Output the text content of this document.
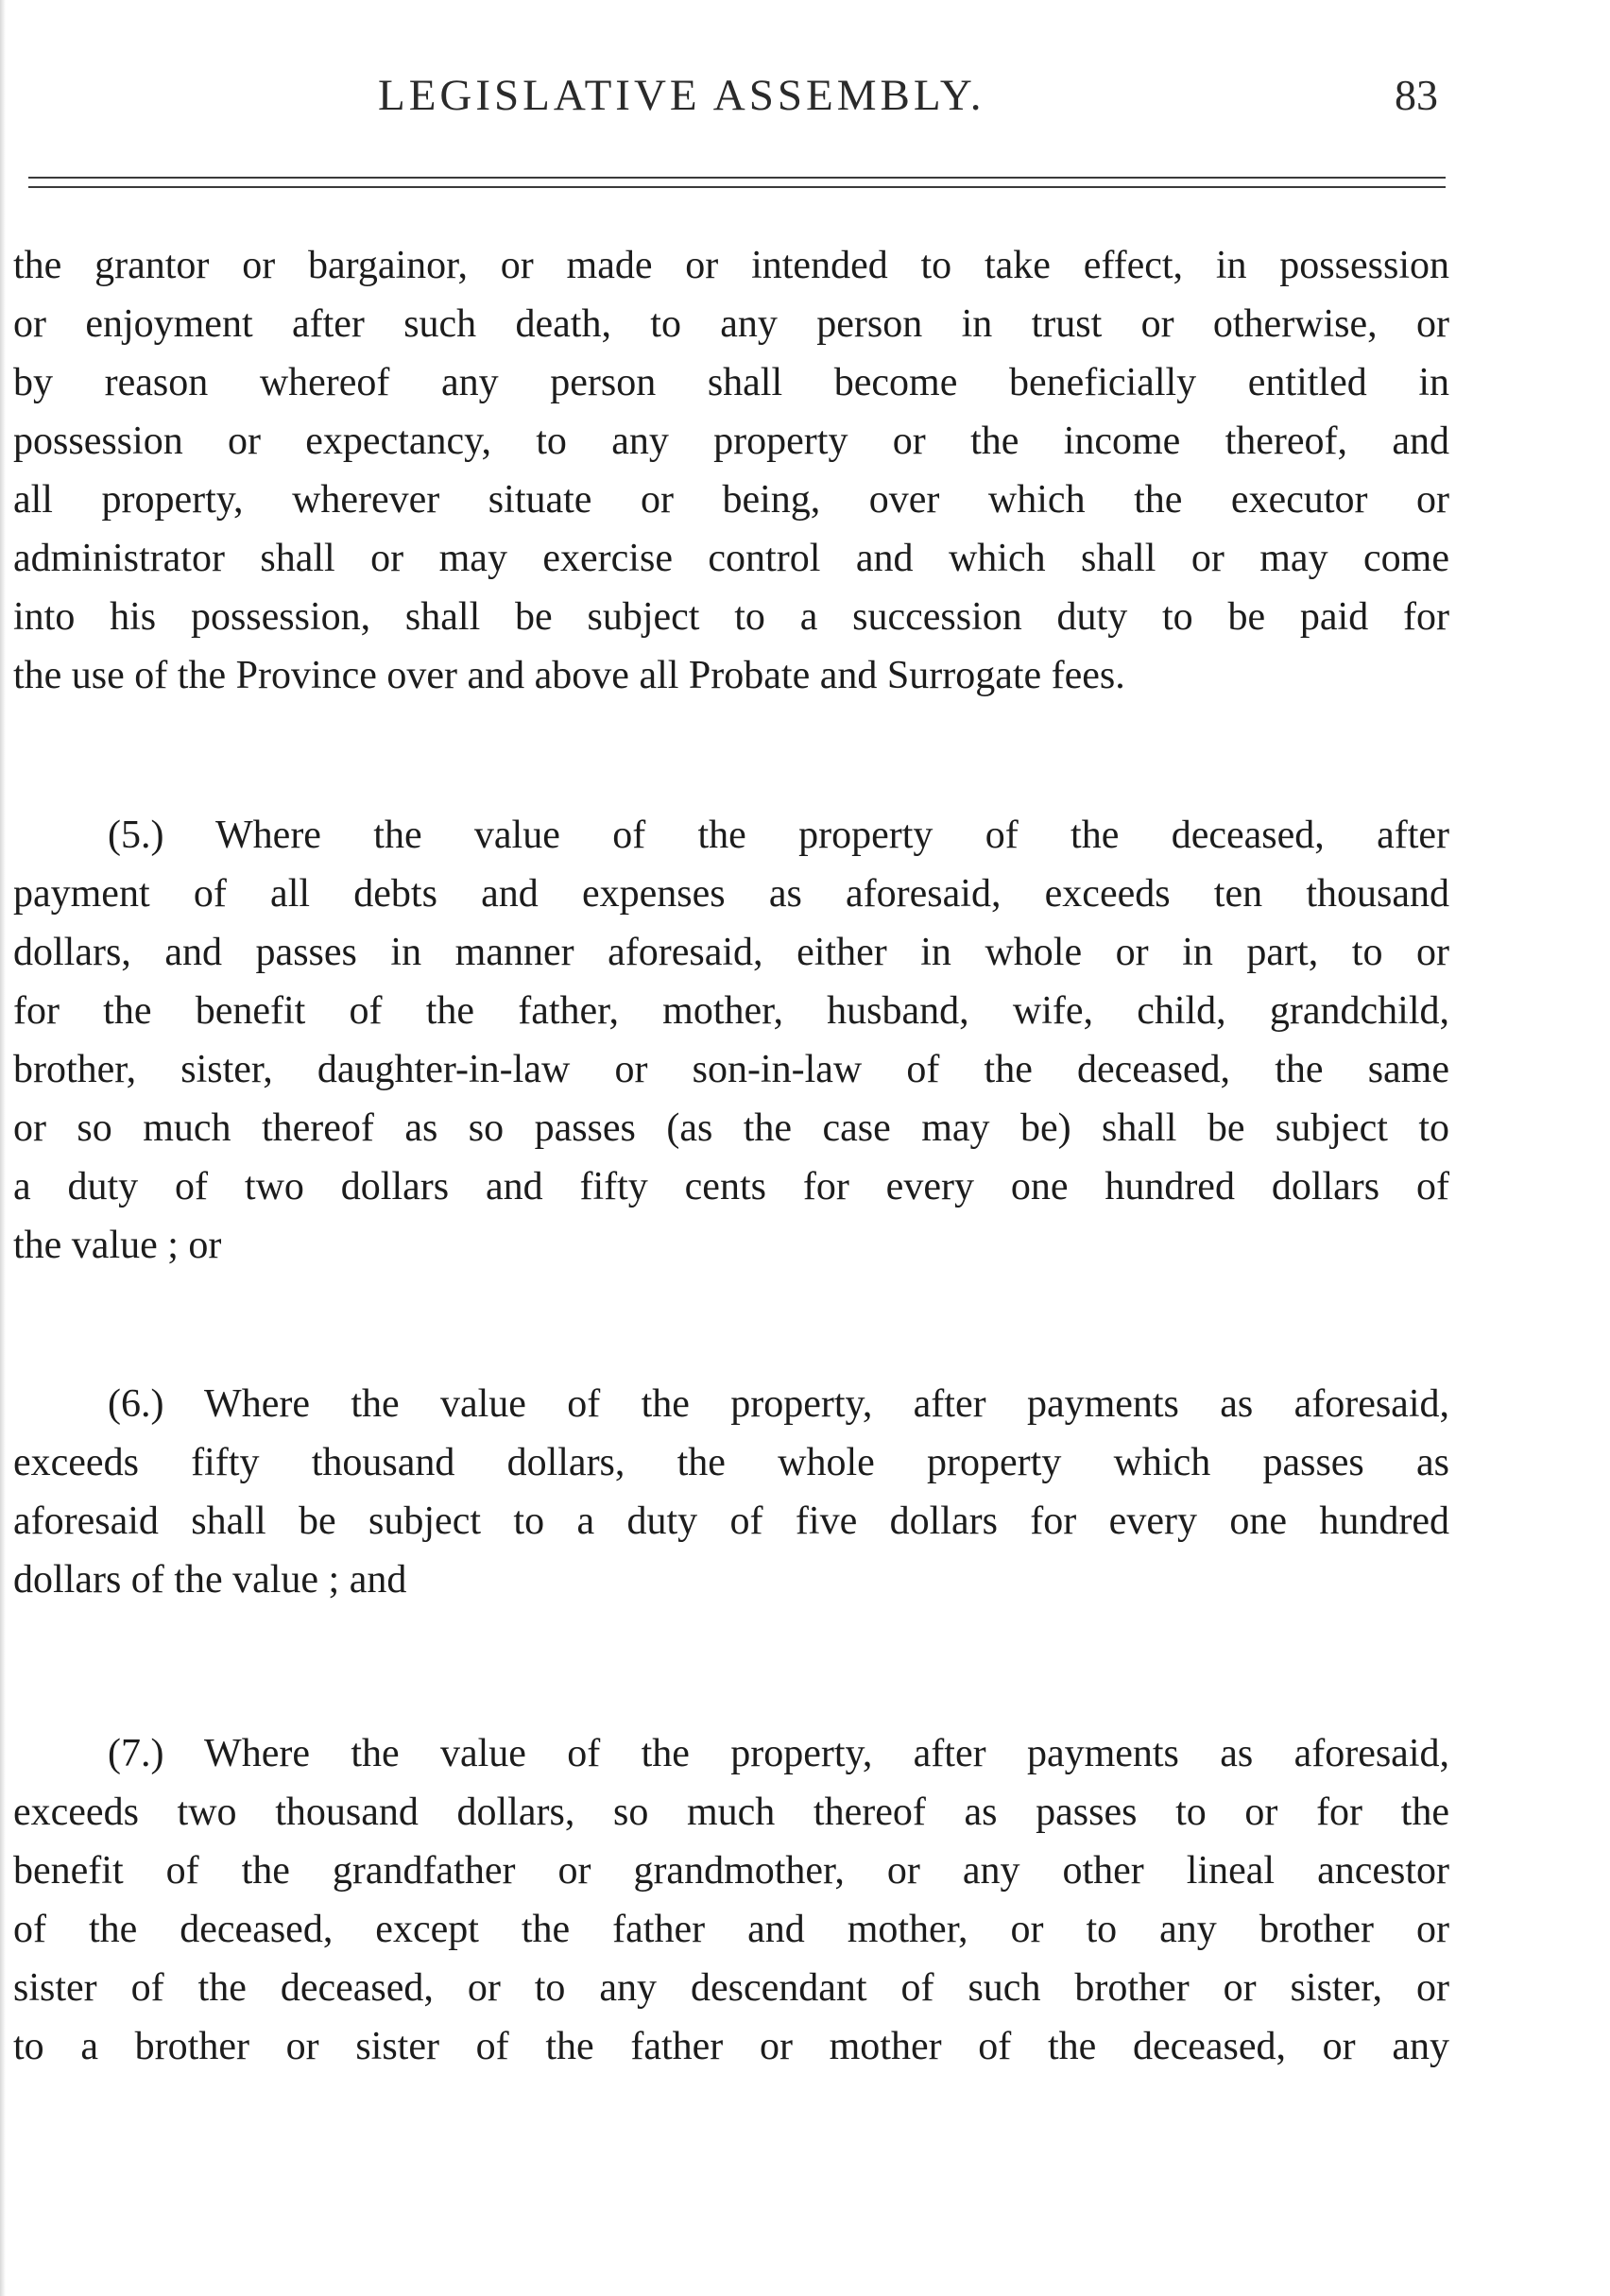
LEGISLATIVE ASSEMBLY.	83
the grantor or bargainor, or made or intended to take effect, in possession
or enjoyment after such death, to any person in trust or otherwise, or
by reason whereof any person shall become beneficially entitled in
possession or expectancy, to any property or the income thereof, and
all property, wherever situate or being, over which the executor or
administrator shall or may exercise control and which shall or may come
into his possession, shall be subject to a succession duty to be paid for
the use of the Province over and above all Probate and Surrogate fees.
(5.) Where the value of the property of the deceased, after
payment of all debts and expenses as aforesaid, exceeds ten thousand
dollars, and passes in manner aforesaid, either in whole or in part, to or
for the benefit of the father, mother, husband, wife, child, grandchild,
brother, sister, daughter-in-law or son-in-law of the deceased, the same
or so much thereof as so passes (as the case may be) shall be subject to
a duty of two dollars and fifty cents for every one hundred dollars of
the value ; or
(6.) Where the value of the property, after payments as aforesaid,
exceeds fifty thousand dollars, the whole property which passes as
aforesaid shall be subject to a duty of five dollars for every one hundred
dollars of the value ; and
(7.) Where the value of the property, after payments as aforesaid,
exceeds two thousand dollars, so much thereof as passes to or for the
benefit of the grandfather or grandmother, or any other lineal ancestor
of the deceased, except the father and mother, or to any brother or
sister of the deceased, or to any descendant of such brother or sister, or
to a brother or sister of the father or mother of the deceased, or any
